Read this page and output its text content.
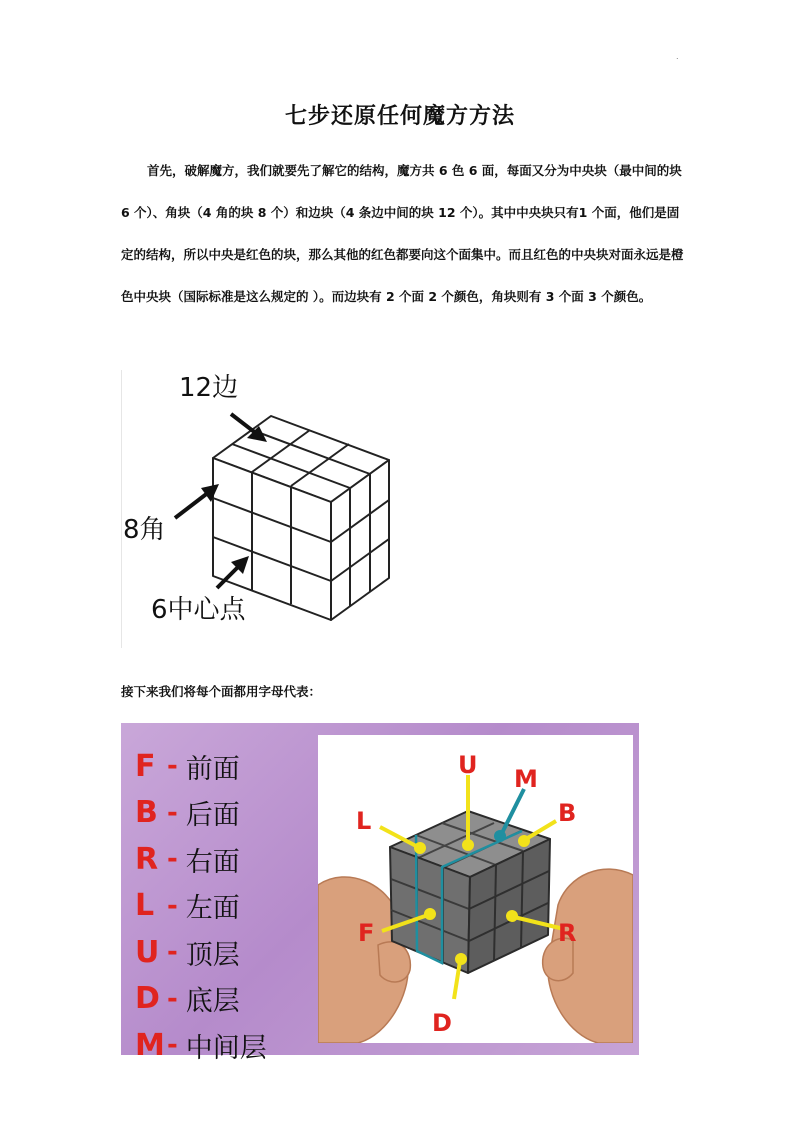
.
七步还原任何魔方方法

首先，破解魔方，我们就要先了解它的结构，魔方共 6 色 6 面，每面又分为中央块（最中间的块 6 个）、角块（4 角的块 8 个）和边块（4 条边中间的块 12 个）。其中中央块只有1 个面，他们是固定的结构，所以中央是红色的块，那么其他的红色都要向这个面集中。而且红色的中央块对面永远是橙色中央块（国际标准是这么规定的 ）。而边块有 2 个面 2 个颜色，角块则有 3 个面 3 个颜色。

12边
8角
6中心点

接下来我们将每个面都用字母代表：

F - 前面
B - 后面
R - 右面
L - 左面
U - 顶层
D - 底层
M - 中间层
U M
L	B
F	R
D
